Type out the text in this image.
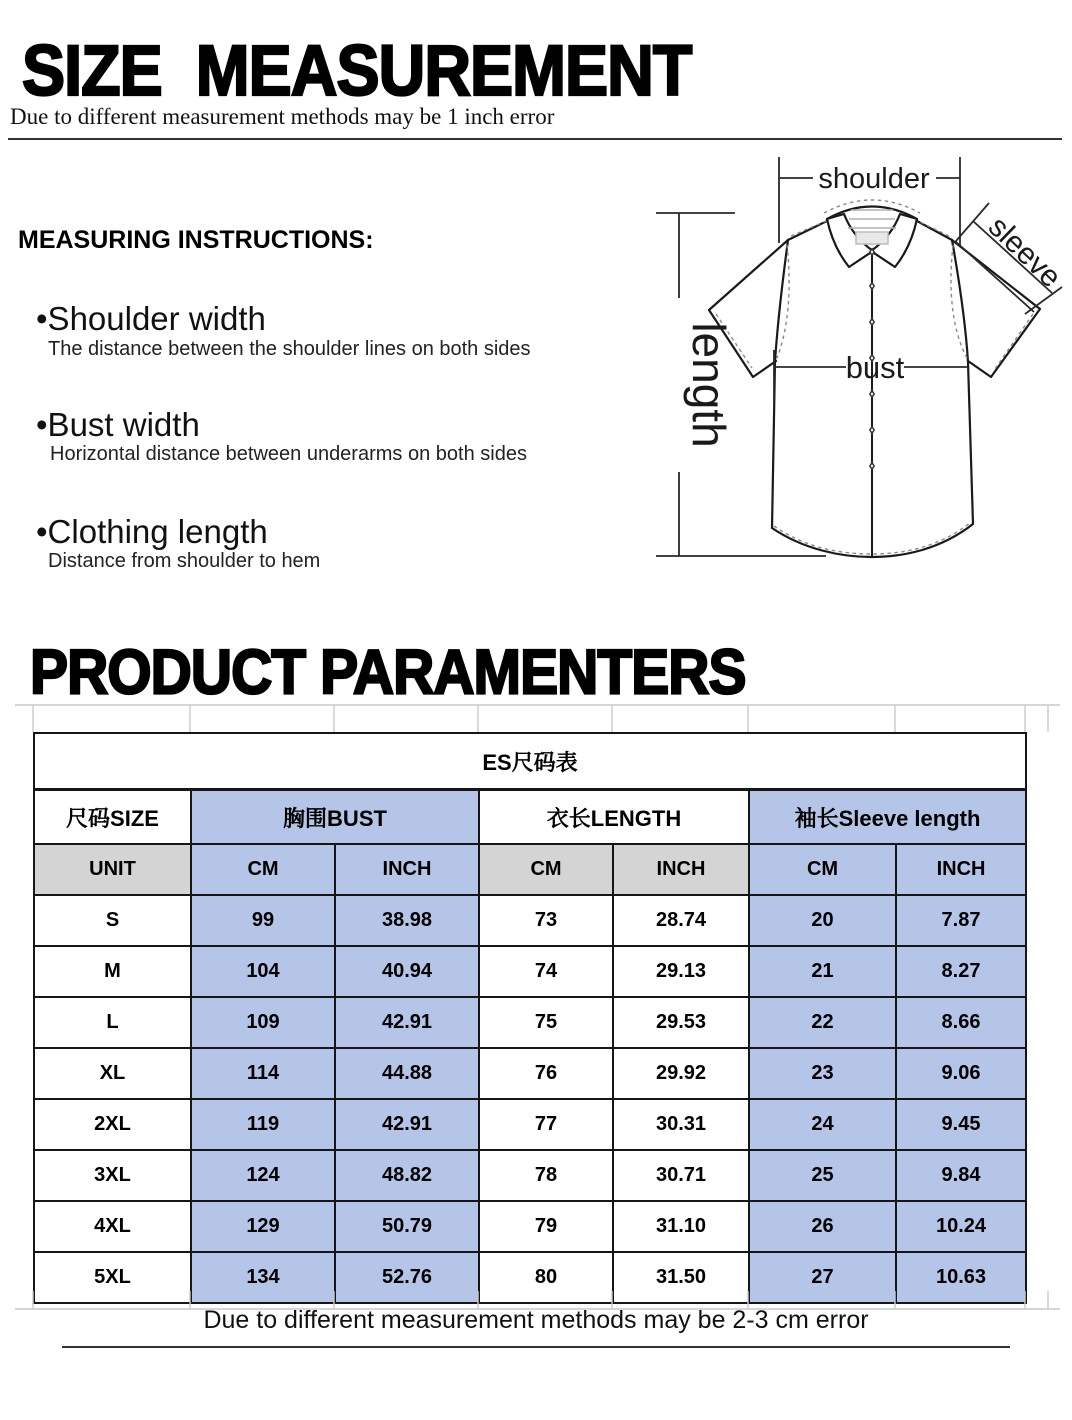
SIZE  MEASUREMENT

Due to different measurement methods may be 1 inch error

MEASURING INSTRUCTIONS:

•Shoulder width

The distance between the shoulder lines on both sides

•Bust width

Horizontal distance between underarms on both sides

•Clothing length

Distance from shoulder to hem

shoulder
sleeve
length	bust
PRODUCT PARAMENTERS
ES尺码表						
尺码SIZE	胸围BUST		衣长LENGTH		袖长Sleeve length	
UNIT	CM	INCH	CM	INCH	CM	INCH
S	99	38.98	73	28.74	20	7.87
M	104	40.94	74	29.13	21	8.27
L	109	42.91	75	29.53	22	8.66
XL	114	44.88	76	29.92	23	9.06
2XL	119	42.91	77	30.31	24	9.45
3XL	124	48.82	78	30.71	25	9.84
4XL	129	50.79	79	31.10	26	10.24
5XL	134	52.76	80	31.50	27	10.63

Due to different measurement methods may be 2-3 cm error
